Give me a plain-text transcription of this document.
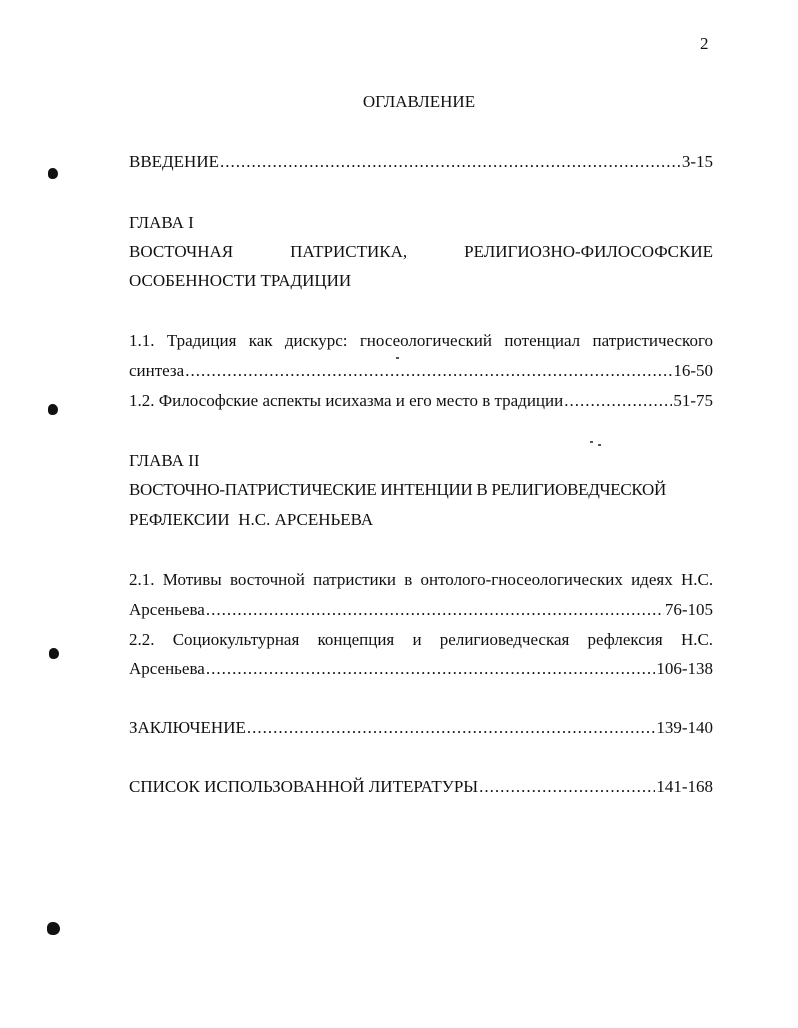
2
ОГЛАВЛЕНИЕ
ВВЕДЕНИЕ .....	3-15
ГЛАВА I
ВОСТОЧНАЯ	ПАТРИСТИКА,	РЕЛИГИОЗНО-ФИЛОСОФСКИЕ
ОСОБЕННОСТИ ТРАДИЦИИ
1.1. Традиция как дискурс: гносеологический потенциал патристического
синтеза .....	16-50
1.2. Философские аспекты исихазма и его место в традиции .....	51-75
ГЛАВА II
ВОСТОЧНО-ПАТРИСТИЧЕСКИЕ ИНТЕНЦИИ В РЕЛИГИОВЕДЧЕСКОЙ
РЕФЛЕКСИИ  Н.С. АРСЕНЬЕВА
2.1. Мотивы восточной патристики в онтолого-гносеологических идеях Н.С.
Арсеньева .....	76-105
2.2. Социокультурная концепция и религиоведческая рефлексия Н.С.
Арсеньева .....	106-138
ЗАКЛЮЧЕНИЕ .....	139-140
СПИСОК ИСПОЛЬЗОВАННОЙ ЛИТЕРАТУРЫ .....	141-168
